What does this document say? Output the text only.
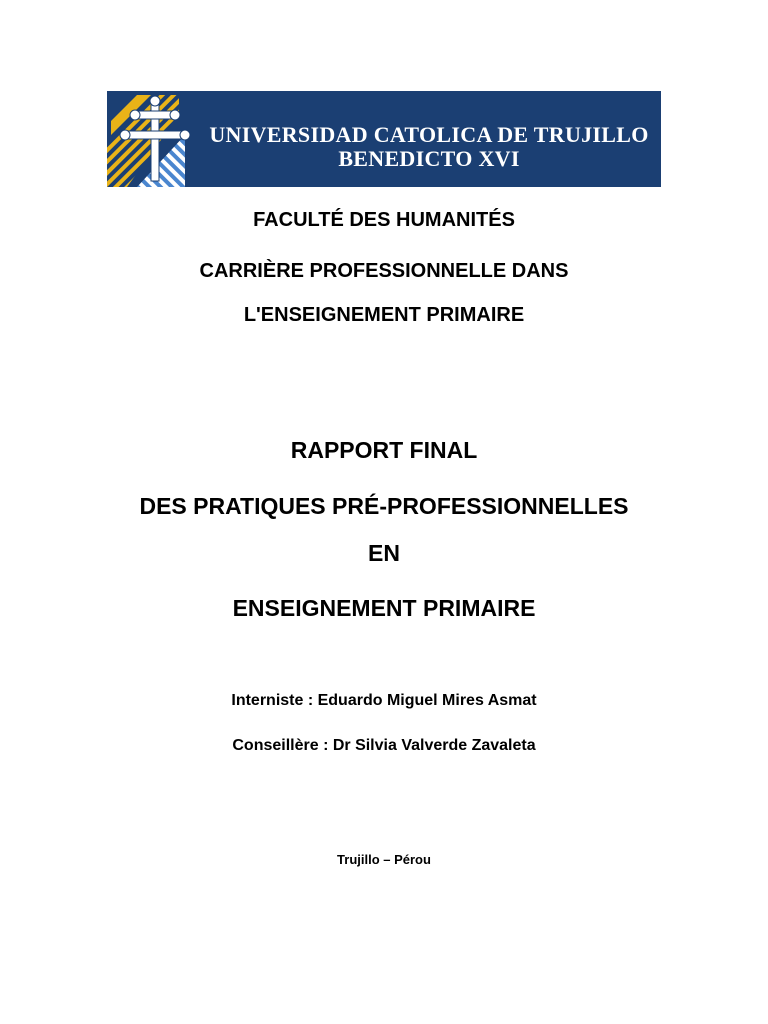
UNIVERSIDAD CATOLICA DE TRUJILLO
BENEDICTO XVI
FACULTÉ DES HUMANITÉS
CARRIÈRE PROFESSIONNELLE DANS
L'ENSEIGNEMENT PRIMAIRE
RAPPORT FINAL
DES PRATIQUES PRÉ-PROFESSIONNELLES
EN
ENSEIGNEMENT PRIMAIRE
Interniste : Eduardo Miguel Mires Asmat
Conseillère : Dr Silvia Valverde Zavaleta
Trujillo – Pérou
